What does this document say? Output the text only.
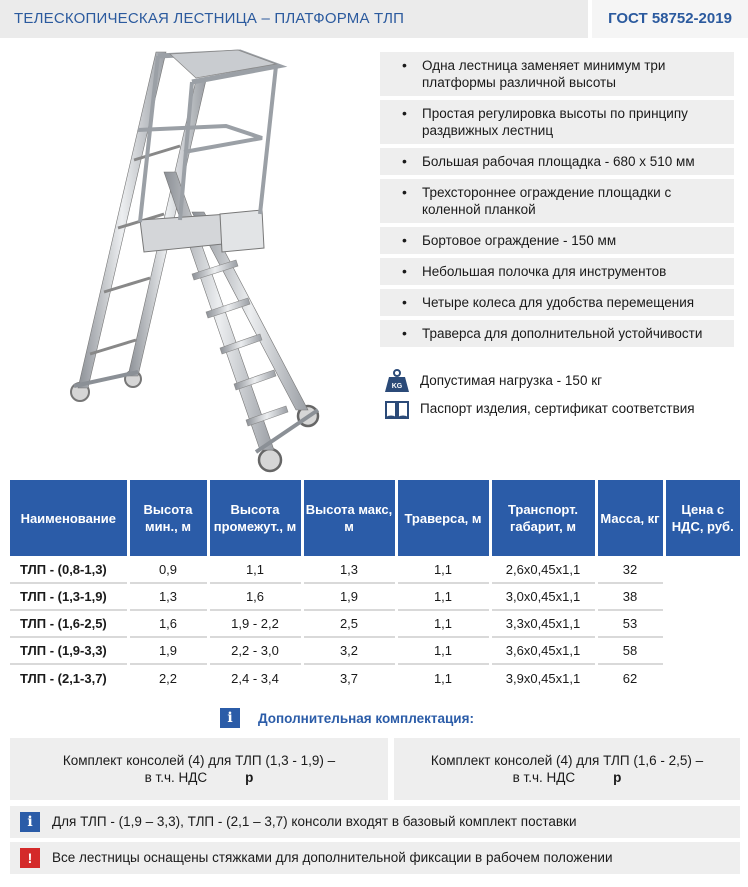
ТЕЛЕСКОПИЧЕСКАЯ ЛЕСТНИЦА – ПЛАТФОРМА ТЛП	ГОСТ 58752-2019
• Одна лестница заменяет минимум три платформы различной высоты
• Простая регулировка высоты по принципу раздвижных лестниц
• Большая рабочая площадка - 680 х 510 мм
• Трехстороннее ограждение площадки с коленной планкой
• Бортовое ограждение - 150 мм
• Небольшая полочка для инструментов
• Четыре колеса для удобства перемещения
• Траверса для дополнительной устойчивости
KG Допустимая нагрузка - 150 кг
Паспорт изделия, сертификат соответствия
Наименование	Высота мин., м	Высота промежут., м	Высота макс, м	Траверса, м	Транспорт. габарит, м	Масса, кг	Цена с НДС, руб.
ТЛП - (0,8-1,3)	0,9	1,1	1,3	1,1	2,6х0,45х1,1	32	
ТЛП - (1,3-1,9)	1,3	1,6	1,9	1,1	3,0х0,45х1,1	38	
ТЛП - (1,6-2,5)	1,6	1,9 - 2,2	2,5	1,1	3,3х0,45х1,1	53	
ТЛП - (1,9-3,3)	1,9	2,2 - 3,0	3,2	1,1	3,6х0,45х1,1	58	
ТЛП - (2,1-3,7)	2,2	2,4 - 3,4	3,7	1,1	3,9х0,45х1,1	62	
i	Дополнительная комплектация:
Комплект консолей (4) для ТЛП (1,3 - 1,9) –
в т.ч. НДС	р
Комплект консолей (4) для ТЛП (1,6 - 2,5) –
в т.ч. НДС	р
i	Для ТЛП - (1,9 – 3,3), ТЛП - (2,1 – 3,7) консоли входят в базовый комплект поставки
!	Все лестницы оснащены стяжками для дополнительной фиксации в рабочем положении
